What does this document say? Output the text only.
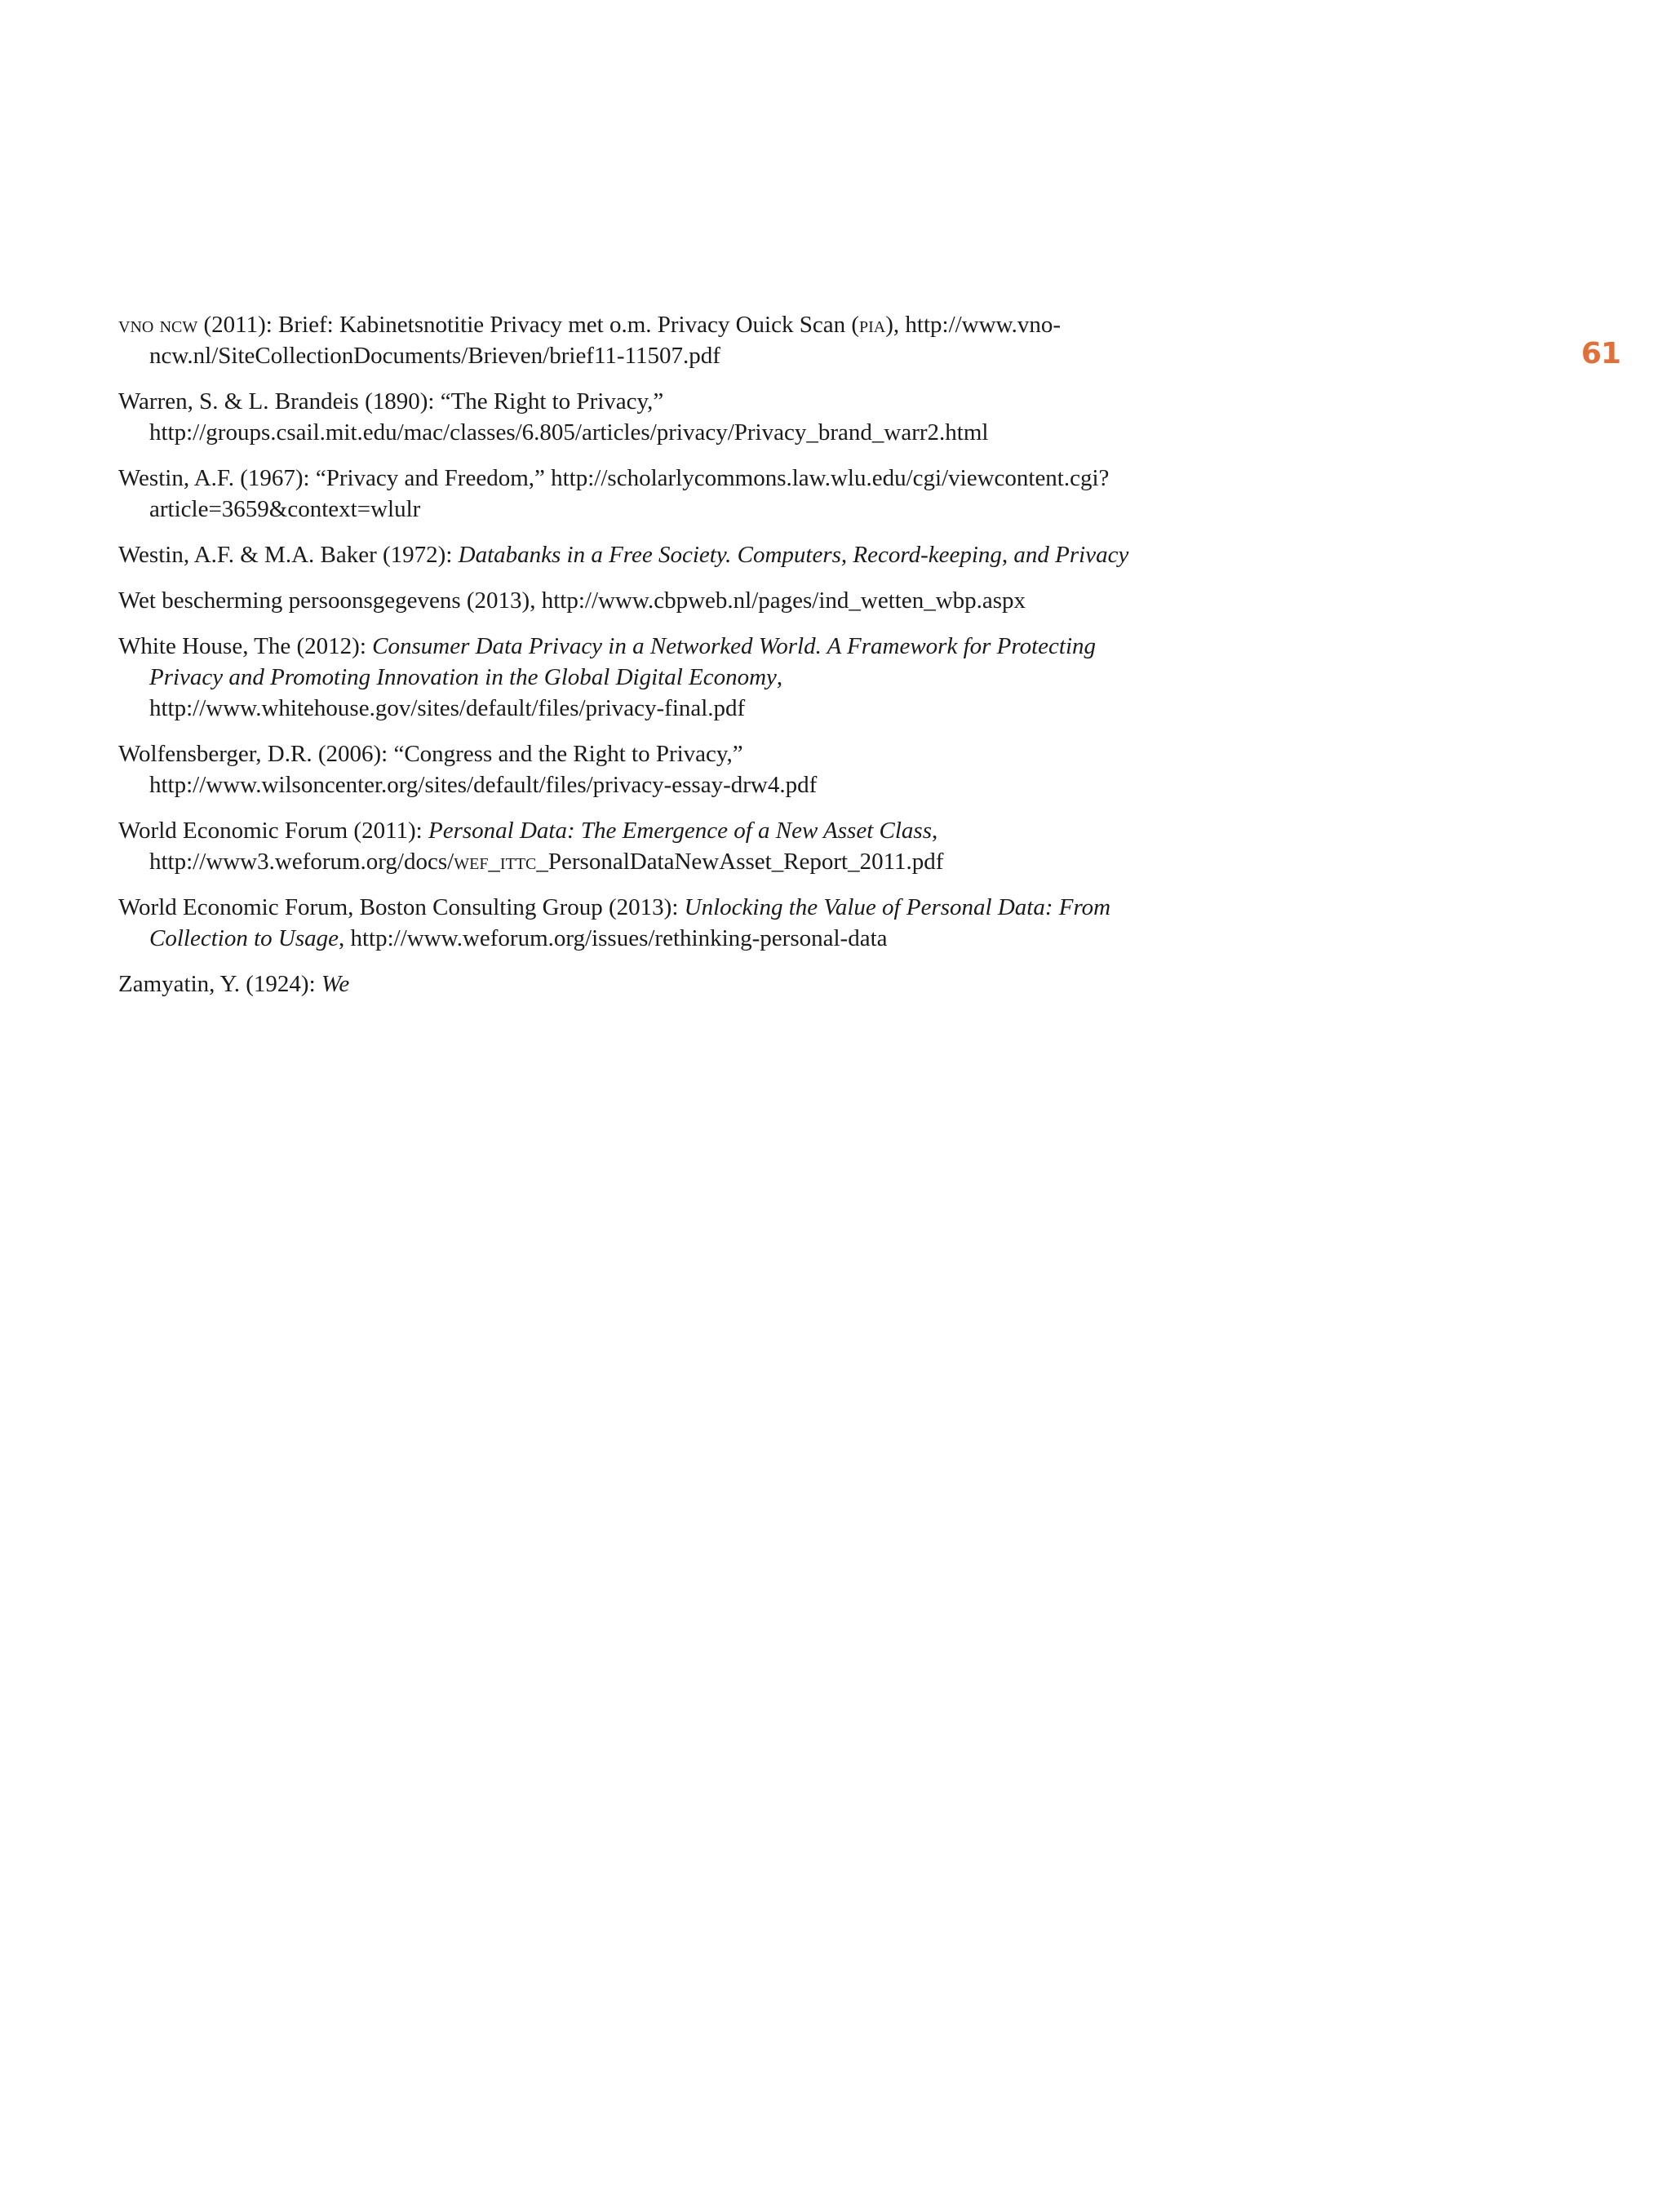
61
vno ncw (2011): Brief: Kabinetsnotitie Privacy met o.m. Privacy Ouick Scan (pia), http://www.vno-ncw.nl/SiteCollectionDocuments/Brieven/brief11-11507.pdf
Warren, S. & L. Brandeis (1890): “The Right to Privacy,” http://groups.csail.mit.edu/mac/classes/6.805/articles/privacy/Privacy_brand_warr2.html
Westin, A.F. (1967): “Privacy and Freedom,” http://scholarlycommons.law.wlu.edu/cgi/viewcontent.cgi?article=3659&context=wlulr
Westin, A.F. & M.A. Baker (1972): Databanks in a Free Society. Computers, Record-keeping, and Privacy
Wet bescherming persoonsgegevens (2013), http://www.cbpweb.nl/pages/ind_wetten_wbp.aspx
White House, The (2012): Consumer Data Privacy in a Networked World. A Framework for Protecting Privacy and Promoting Innovation in the Global Digital Economy, http://www.whitehouse.gov/sites/default/files/privacy-final.pdf
Wolfensberger, D.R. (2006): “Congress and the Right to Privacy,” http://www.wilsoncenter.org/sites/default/files/privacy-essay-drw4.pdf
World Economic Forum (2011): Personal Data: The Emergence of a New Asset Class, http://www3.weforum.org/docs/wef_ittc_PersonalDataNewAsset_Report_2011.pdf
World Economic Forum, Boston Consulting Group (2013): Unlocking the Value of Personal Data: From Collection to Usage, http://www.weforum.org/issues/rethinking-personal-data
Zamyatin, Y. (1924): We
